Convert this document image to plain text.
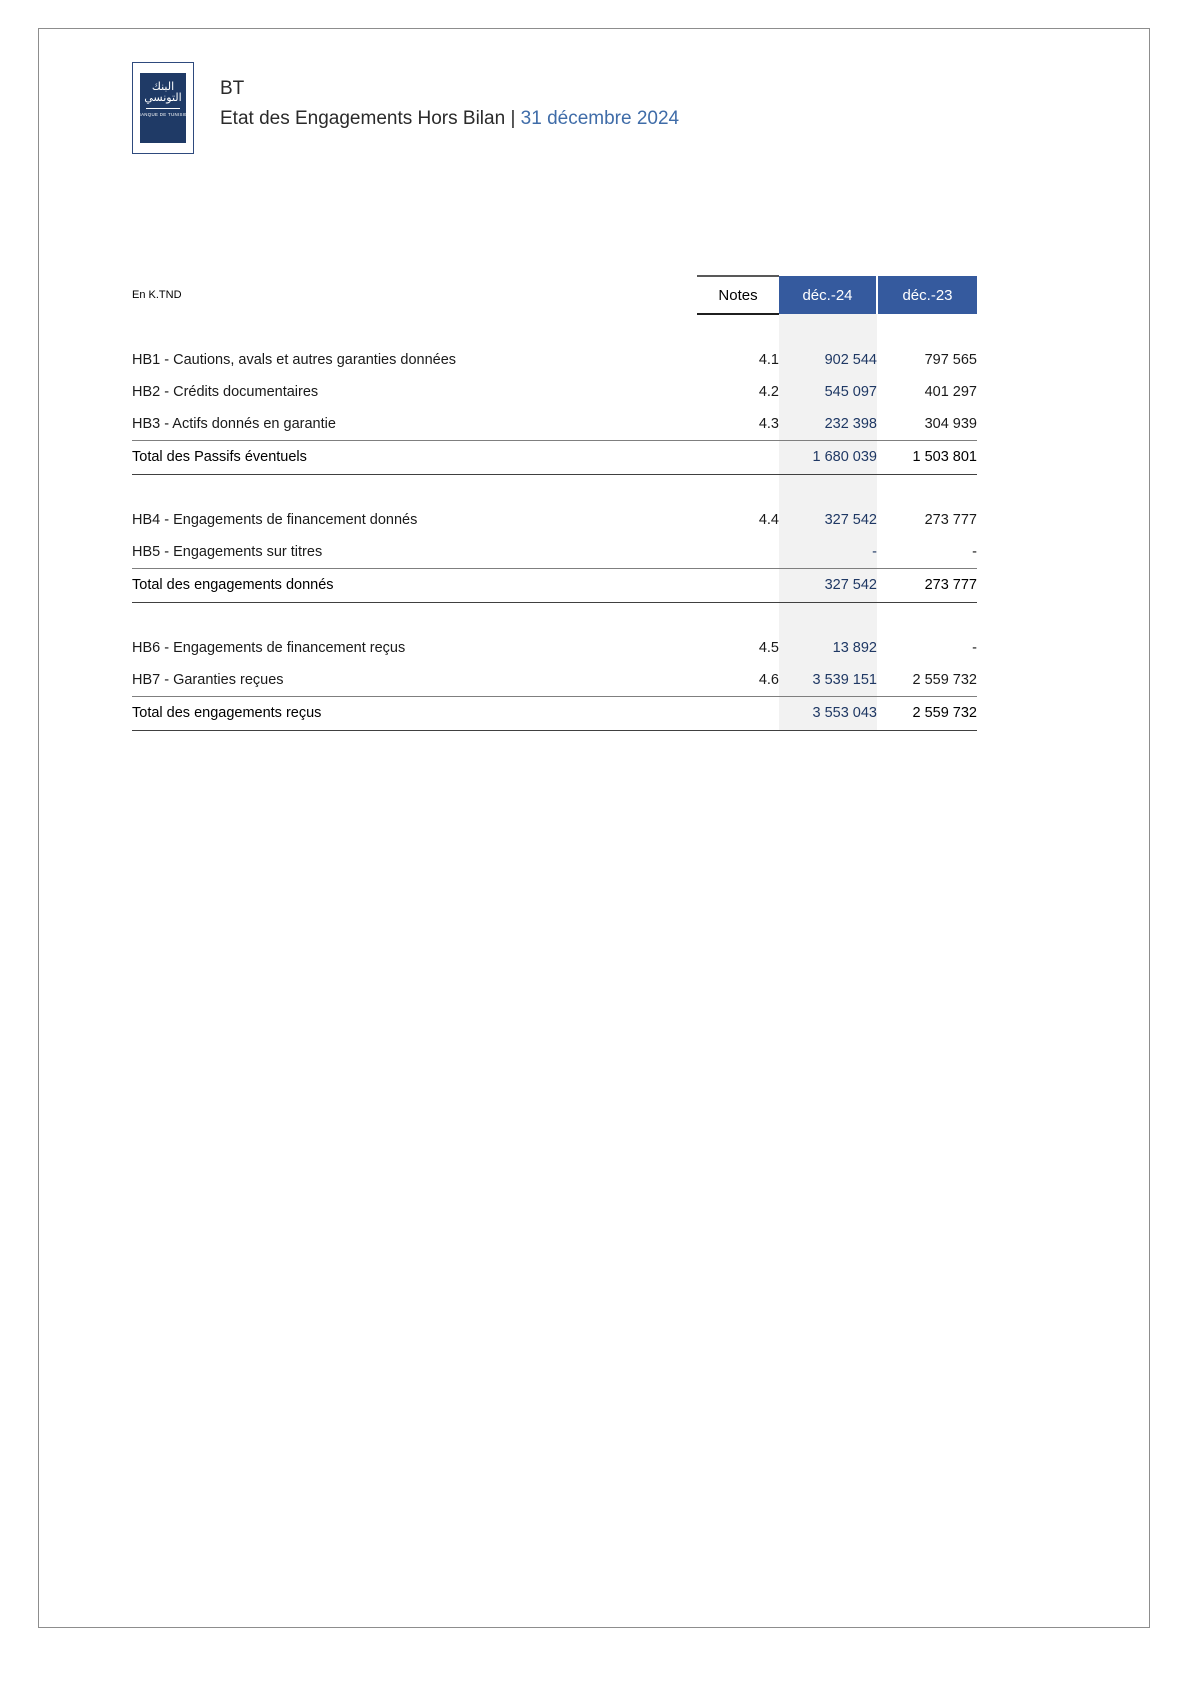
البنك
التونسي
BANQUE DE TUNISIE
BT
Etat des Engagements Hors Bilan | 31 décembre 2024
En K.TND	Notes	déc.-24	déc.-23

HB1 - Cautions, avals et autres garanties données	4.1	902 544	797 565
HB2 - Crédits documentaires	4.2	545 097	401 297
HB3 - Actifs donnés en garantie	4.3	232 398	304 939
Total des Passifs éventuels		1 680 039	1 503 801

HB4 - Engagements de financement donnés	4.4	327 542	273 777
HB5 - Engagements sur titres		-	-
Total des engagements donnés		327 542	273 777

HB6 - Engagements de financement reçus	4.5	13 892	-
HB7 - Garanties reçues	4.6	3 539 151	2 559 732
Total des engagements reçus		3 553 043	2 559 732
